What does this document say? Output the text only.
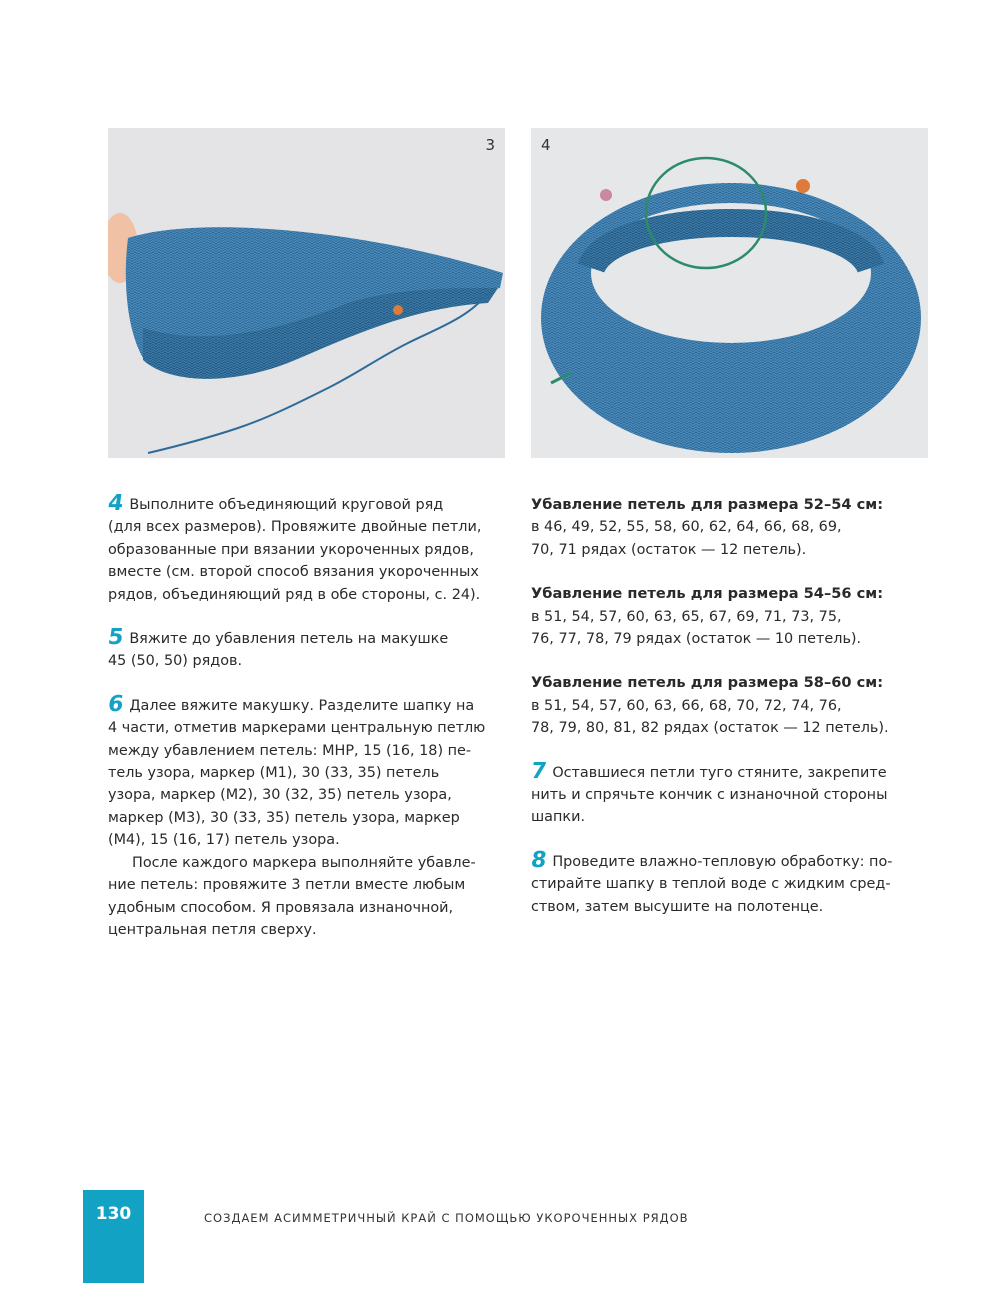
3	4
4 Выполните объединяющий круговой ряд
(для всех размеров). Провяжите двойные петли,
образованные при вязании укороченных рядов,
вместе (см. второй способ вязания укороченных
рядов, объединяющий ряд в обе стороны, с. 24).
5 Вяжите до убавления петель на макушке
45 (50, 50) рядов.
6 Далее вяжите макушку. Разделите шапку на
4 части, отметив маркерами центральную петлю
между убавлением петель: МНР, 15 (16, 18) пе-
тель узора, маркер (М1), 30 (33, 35) петель
узора, маркер (М2), 30 (32, 35) петель узора,
маркер (М3), 30 (33, 35) петель узора, маркер
(М4), 15 (16, 17) петель узора.
После каждого маркера выполняйте убавле-
ние петель: провяжите 3 петли вместе любым
удобным способом. Я провязала изнаночной,
центральная петля сверху.
Убавление петель для размера 52–54 см:
в 46, 49, 52, 55, 58, 60, 62, 64, 66, 68, 69,
70, 71 рядах (остаток — 12 петель).
Убавление петель для размера 54–56 см:
в 51, 54, 57, 60, 63, 65, 67, 69, 71, 73, 75,
76, 77, 78, 79 рядах (остаток — 10 петель).
Убавление петель для размера 58–60 см:
в 51, 54, 57, 60, 63, 66, 68, 70, 72, 74, 76,
78, 79, 80, 81, 82 рядах (остаток — 12 петель).
7 Оставшиеся петли туго стяните, закрепите
нить и спрячьте кончик с изнаночной стороны
шапки.
8 Проведите влажно-тепловую обработку: по-
стирайте шапку в теплой воде с жидким сред-
ством, затем высушите на полотенце.
130	СОЗДАЕМ АСИММЕТРИЧНЫЙ КРАЙ С ПОМОЩЬЮ УКОРОЧЕННЫХ РЯДОВ
